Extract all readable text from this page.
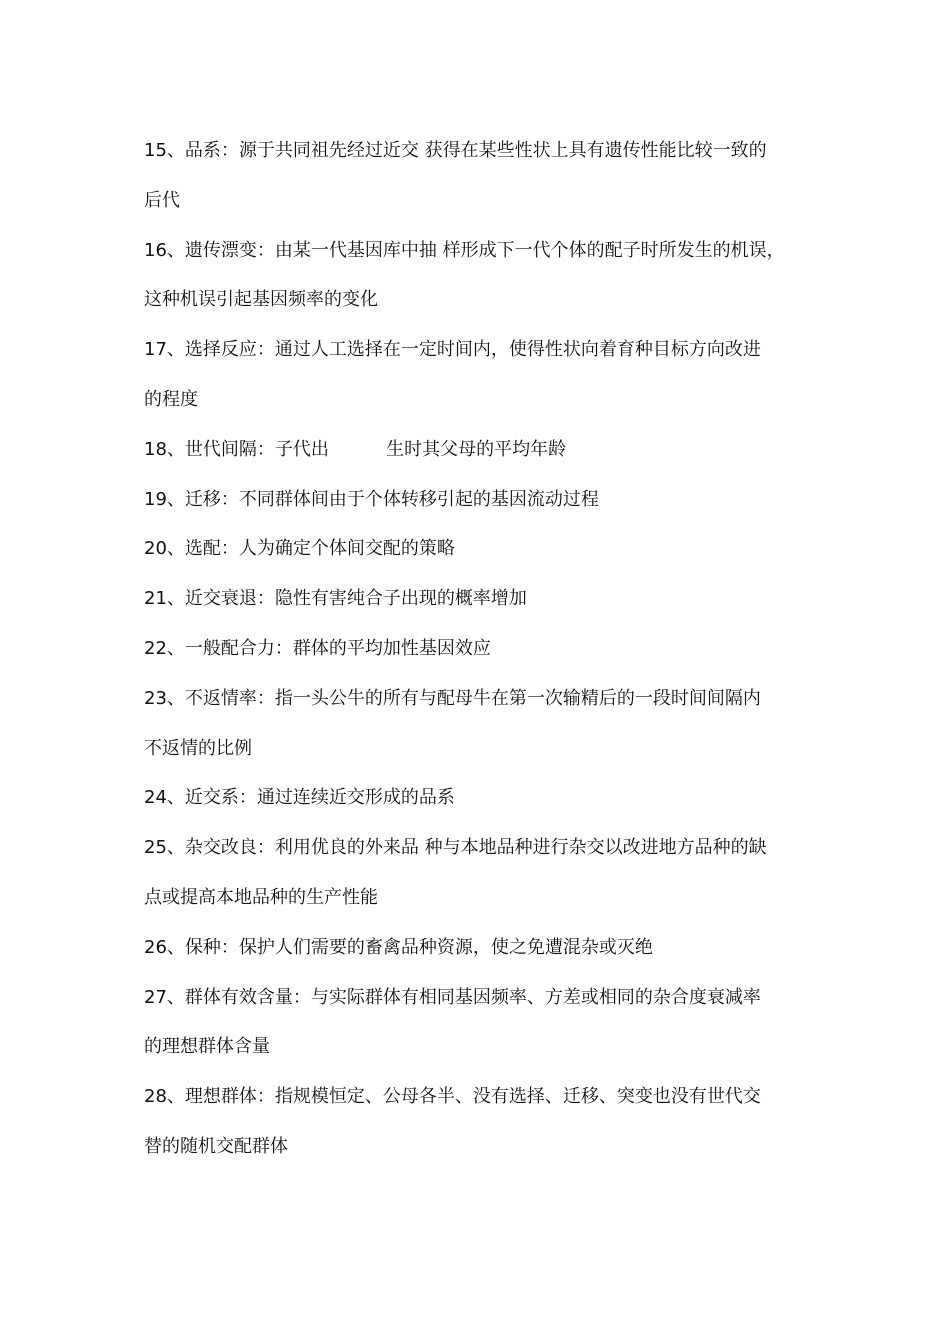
15、品系：源于共同祖先经过近交 获得在某些性状上具有遗传性能比较一致的
后代
16、遗传漂变：由某一代基因库中抽 样形成下一代个体的配子时所发生的机误，
这种机误引起基因频率的变化
17、选择反应：通过人工选择在一定时间内，使得性状向着育种目标方向改进
的程度
18、世代间隔：子代出          生时其父母的平均年龄
19、迁移：不同群体间由于个体转移引起的基因流动过程
20、选配：人为确定个体间交配的策略
21、近交衰退：隐性有害纯合子出现的概率增加
22、一般配合力：群体的平均加性基因效应
23、不返情率：指一头公牛的所有与配母牛在第一次输精后的一段时间间隔内
不返情的比例
24、近交系：通过连续近交形成的品系
25、杂交改良：利用优良的外来品 种与本地品种进行杂交以改进地方品种的缺
点或提高本地品种的生产性能
26、保种：保护人们需要的畜禽品种资源，使之免遭混杂或灭绝
27、群体有效含量：与实际群体有相同基因频率、方差或相同的杂合度衰减率
的理想群体含量
28、理想群体：指规模恒定、公母各半、没有选择、迁移、突变也没有世代交
替的随机交配群体
